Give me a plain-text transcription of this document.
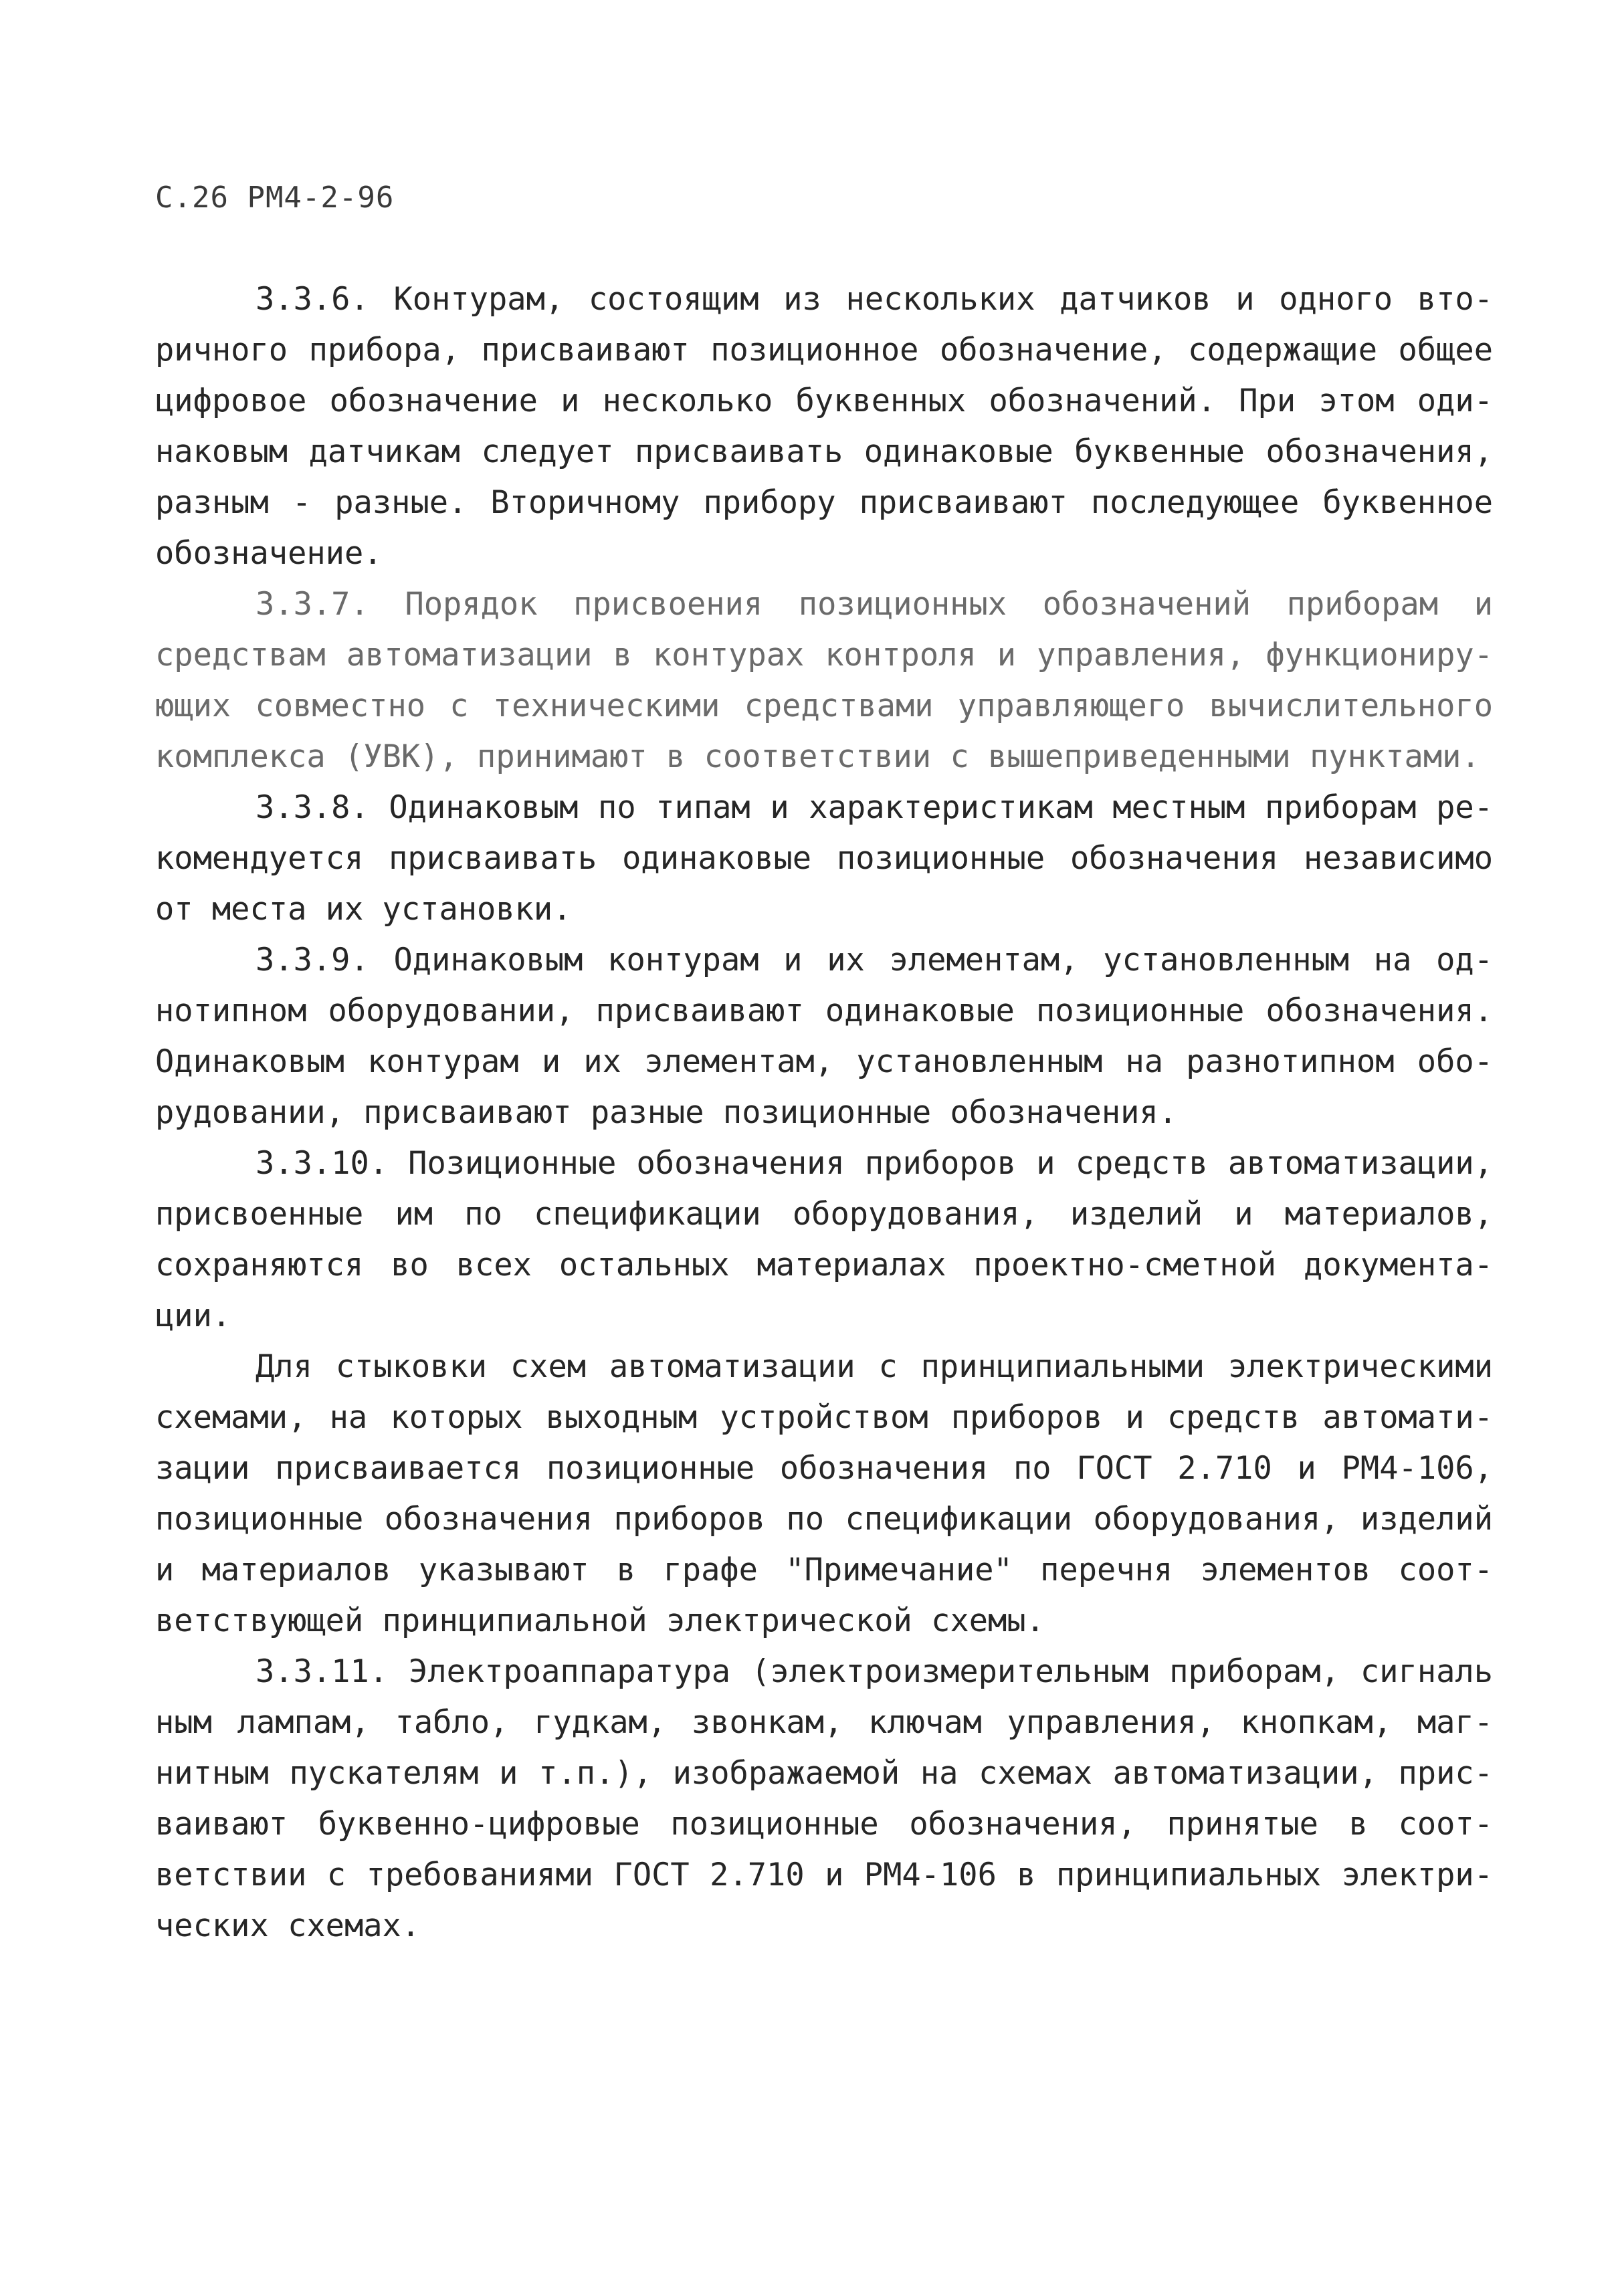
С.26 РМ4-2-96
3.3.6. Контурам, состоящим из нескольких датчиков и одного вто-
ричного прибора, присваивают позиционное обозначение, содержащие общее
цифровое обозначение и несколько буквенных обозначений. При этом оди-
наковым датчикам следует присваивать одинаковые буквенные обозначения,
разным - разные. Вторичному прибору присваивают последующее буквенное
обозначение.
3.3.7. Порядок присвоения позиционных обозначений приборам и
средствам автоматизации в контурах контроля и управления, функциониру-
ющих совместно с техническими средствами управляющего вычислительного
комплекса (УВК), принимают в соответствии с вышеприведенными пунктами.
3.3.8. Одинаковым по типам и характеристикам местным приборам ре-
комендуется присваивать одинаковые позиционные обозначения независимо
от места их установки.
3.3.9. Одинаковым контурам и их элементам, установленным на од-
нотипном оборудовании, присваивают одинаковые позиционные обозначения.
Одинаковым контурам и их элементам, установленным на разнотипном обо-
рудовании, присваивают разные позиционные обозначения.
3.3.10. Позиционные обозначения приборов и средств автоматизации,
присвоенные им по спецификации оборудования, изделий и материалов,
сохраняются во всех остальных материалах проектно-сметной документа-
ции.
Для стыковки схем автоматизации с принципиальными электрическими
схемами, на которых выходным устройством приборов и средств автомати-
зации присваивается позиционные обозначения по ГОСТ 2.710 и РМ4-106,
позиционные обозначения приборов по спецификации оборудования, изделий
и материалов указывают в графе "Примечание" перечня элементов соот-
ветствующей принципиальной электрической схемы.
3.3.11. Электроаппаратура (электроизмерительным приборам, сигналь
ным лампам, табло, гудкам, звонкам, ключам управления, кнопкам, маг-
нитным пускателям и т.п.), изображаемой на схемах автоматизации, прис-
ваивают буквенно-цифровые позиционные обозначения, принятые в соот-
ветствии с требованиями ГОСТ 2.710 и РМ4-106 в принципиальных электри-
ческих схемах.
